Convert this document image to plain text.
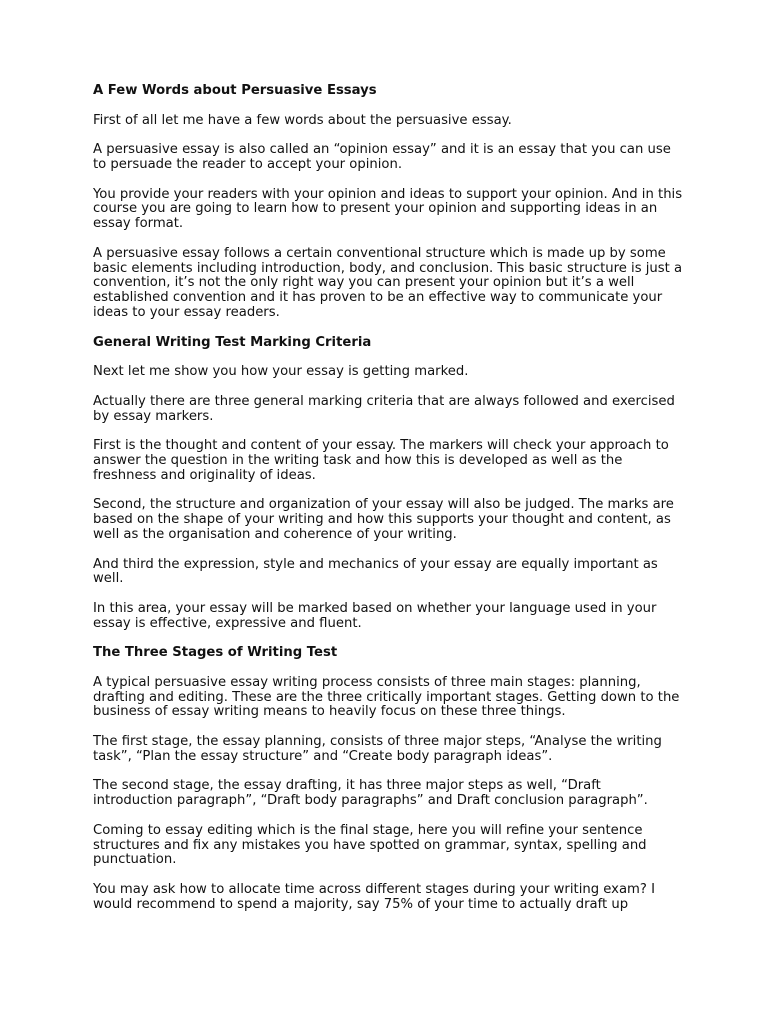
A Few Words about Persuasive Essays

First of all let me have a few words about the persuasive essay.

A persuasive essay is also called an “opinion essay” and it is an essay that you can use to persuade the reader to accept your opinion.

You provide your readers with your opinion and ideas to support your opinion. And in this course you are going to learn how to present your opinion and supporting ideas in an essay format.

A persuasive essay follows a certain conventional structure which is made up by some basic elements including introduction, body, and conclusion. This basic structure is just a convention, it’s not the only right way you can present your opinion but it’s a well established convention and it has proven to be an effective way to communicate your ideas to your essay readers.

General Writing Test Marking Criteria

Next let me show you how your essay is getting marked.

Actually there are three general marking criteria that are always followed and exercised by essay markers.

First is the thought and content of your essay. The markers will check your approach to answer the question in the writing task and how this is developed as well as the freshness and originality of ideas.

Second, the structure and organization of your essay will also be judged. The marks are based on the shape of your writing and how this supports your thought and content, as well as the organisation and coherence of your writing.

And third the expression, style and mechanics of your essay are equally important as well.

In this area, your essay will be marked based on whether your language used in your essay is effective, expressive and fluent.

The Three Stages of Writing Test

A typical persuasive essay writing process consists of three main stages: planning, drafting and editing. These are the three critically important stages. Getting down to the business of essay writing means to heavily focus on these three things.

The first stage, the essay planning, consists of three major steps, “Analyse the writing task”, “Plan the essay structure” and “Create body paragraph ideas”.

The second stage, the essay drafting, it has three major steps as well, “Draft introduction paragraph”, “Draft body paragraphs” and Draft conclusion paragraph”.

Coming to essay editing which is the final stage, here you will refine your sentence structures and fix any mistakes you have spotted on grammar, syntax, spelling and punctuation.

You may ask how to allocate time across different stages during your writing exam? I would recommend to spend a majority, say 75% of your time to actually draft up
